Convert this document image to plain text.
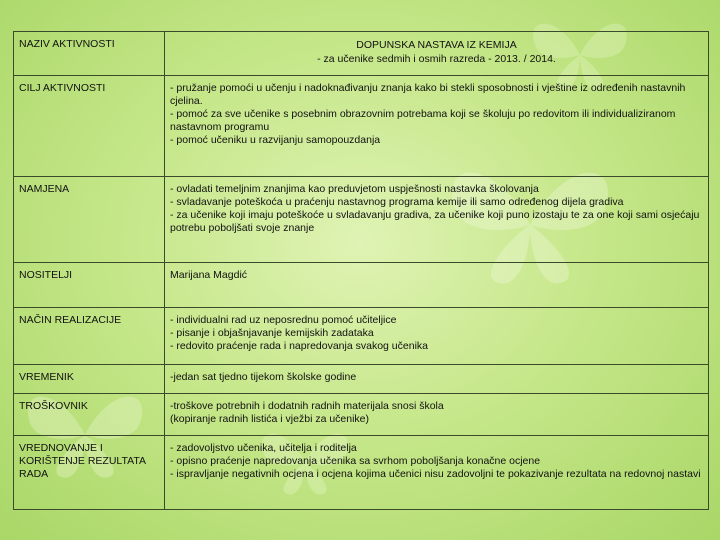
NAZIV AKTIVNOSTI	DOPUNSKA NASTAVA IZ KEMIJA
- za učenike sedmih i osmih razreda - 2013. / 2014.

CILJ AKTIVNOSTI	- pružanje pomoći u učenju i nadoknađivanju znanja kako bi stekli sposobnosti i vještine iz određenih nastavnih cjelina.
- pomoć za sve učenike s posebnim obrazovnim potrebama koji se školuju po redovitom ili individualiziranom nastavnom programu
- pomoć učeniku u razvijanju samopouzdanja

NAMJENA	- ovladati temeljnim znanjima kao preduvjetom uspješnosti nastavka školovanja
- svladavanje poteškoća u praćenju nastavnog programa kemije ili samo određenog dijela gradiva
- za učenike koji imaju poteškoće u svladavanju gradiva, za učenike koji puno izostaju te za one koji sami osjećaju potrebu poboljšati svoje znanje

NOSITELJI	Marijana Magdić

NAČIN REALIZACIJE	- individualni rad uz neposrednu pomoć učiteljice
- pisanje i objašnjavanje kemijskih zadataka
- redovito praćenje rada i napredovanja svakog učenika

VREMENIK	-jedan sat tjedno tijekom školske godine

TROŠKOVNIK	-troškove potrebnih i dodatnih radnih materijala snosi škola
(kopiranje radnih listića i vježbi za učenike)

VREDNOVANJE I KORIŠTENJE REZULTATA RADA	- zadovoljstvo učenika, učitelja i roditelja
- opisno praćenje napredovanja učenika sa svrhom poboljšanja konačne ocjene
- ispravljanje negativnih ocjena i ocjena kojima učenici nisu zadovoljni te pokazivanje rezultata na redovnoj nastavi
